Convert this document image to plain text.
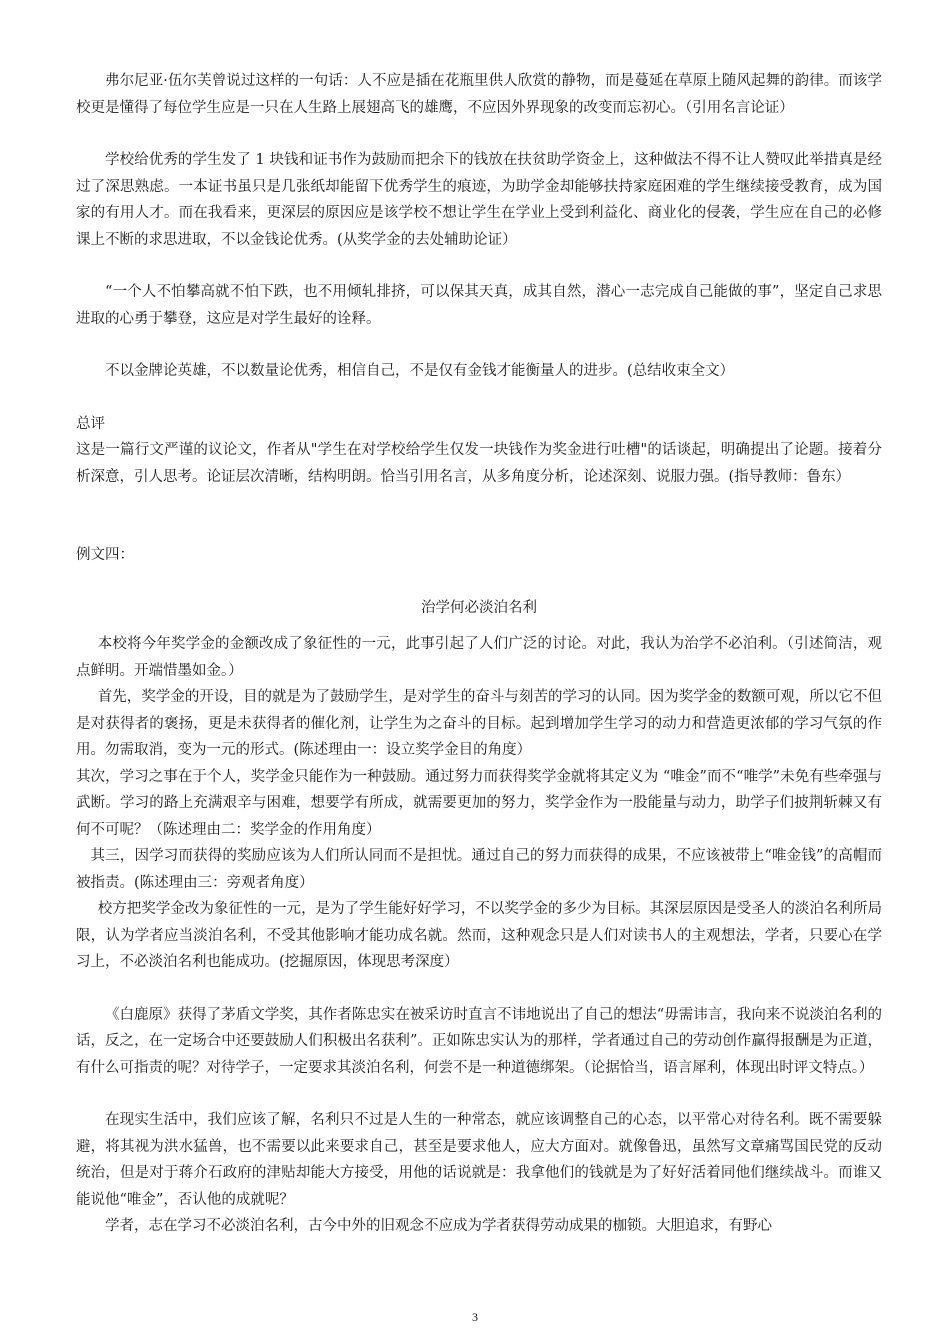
弗尔尼亚·伍尔芙曾说过这样的一句话：人不应是插在花瓶里供人欣赏的静物，而是蔓延在草原上随风起舞的韵律。而该学校更是懂得了每位学生应是一只在人生路上展翅高飞的雄鹰，不应因外界现象的改变而忘初心。（引用名言论证）

学校给优秀的学生发了 1 块钱和证书作为鼓励而把余下的钱放在扶贫助学资金上，这种做法不得不让人赞叹此举措真是经过了深思熟虑。一本证书虽只是几张纸却能留下优秀学生的痕迹，为助学金却能够扶持家庭困难的学生继续接受教育，成为国家的有用人才。而在我看来，更深层的原因应是该学校不想让学生在学业上受到利益化、商业化的侵袭，学生应在自己的必修课上不断的求思进取，不以金钱论优秀。(从奖学金的去处辅助论证）

“一个人不怕攀高就不怕下跌，也不用倾轧排挤，可以保其天真，成其自然，潜心一志完成自己能做的事”，坚定自己求思进取的心勇于攀登，这应是对学生最好的诠释。

不以金牌论英雄，不以数量论优秀，相信自己，不是仅有金钱才能衡量人的进步。(总结收束全文）

总评

这是一篇行文严谨的议论文，作者从"学生在对学校给学生仅发一块钱作为奖金进行吐槽"的话谈起，明确提出了论题。接着分析深意，引人思考。论证层次清晰，结构明朗。恰当引用名言，从多角度分析，论述深刻、说服力强。(指导教师：鲁东）

例文四：

治学何必淡泊名利

本校将今年奖学金的金额改成了象征性的一元，此事引起了人们广泛的讨论。对此，我认为治学不必泊利。（引述简洁，观点鲜明。开端惜墨如金。）

首先，奖学金的开设，目的就是为了鼓励学生，是对学生的奋斗与刻苦的学习的认同。因为奖学金的数额可观，所以它不但是对获得者的褒扬，更是未获得者的催化剂，让学生为之奋斗的目标。起到增加学生学习的动力和营造更浓郁的学习气氛的作用。勿需取消，变为一元的形式。(陈述理由一：设立奖学金目的角度）

其次，学习之事在于个人，奖学金只能作为一种鼓励。通过努力而获得奖学金就将其定义为 “唯金”而不“唯学”未免有些牵强与武断。学习的路上充满艰辛与困难，想要学有所成，就需要更加的努力，奖学金作为一股能量与动力，助学子们披荆斩棘又有何不可呢？（陈述理由二：奖学金的作用角度）

其三，因学习而获得的奖励应该为人们所认同而不是担忧。通过自己的努力而获得的成果，不应该被带上“唯金钱”的高帽而被指责。(陈述理由三：旁观者角度）

校方把奖学金改为象征性的一元，是为了学生能好好学习，不以奖学金的多少为目标。其深层原因是受圣人的淡泊名利所局限，认为学者应当淡泊名利，不受其他影响才能功成名就。然而，这种观念只是人们对读书人的主观想法，学者，只要心在学习上，不必淡泊名利也能成功。(挖掘原因，体现思考深度）

《白鹿原》获得了茅盾文学奖，其作者陈忠实在被采访时直言不讳地说出了自己的想法“毋需讳言，我向来不说淡泊名利的话，反之，在一定场合中还要鼓励人们积极出名获利”。正如陈忠实认为的那样，学者通过自己的劳动创作赢得报酬是为正道，有什么可指责的呢？对待学子，一定要求其淡泊名利，何尝不是一种道德绑架。（论据恰当，语言犀利，体现出时评文特点。）

在现实生活中，我们应该了解，名利只不过是人生的一种常态，就应该调整自己的心态，以平常心对待名利。既不需要躲避，将其视为洪水猛兽，也不需要以此来要求自己，甚至是要求他人，应大方面对。就像鲁迅，虽然写文章痛骂国民党的反动统治，但是对于蒋介石政府的津贴却能大方接受，用他的话说就是：我拿他们的钱就是为了好好活着同他们继续战斗。而谁又能说他“唯金”，否认他的成就呢？

学者，志在学习不必淡泊名利，古今中外的旧观念不应成为学者获得劳动成果的枷锁。大胆追求，有野心

3
